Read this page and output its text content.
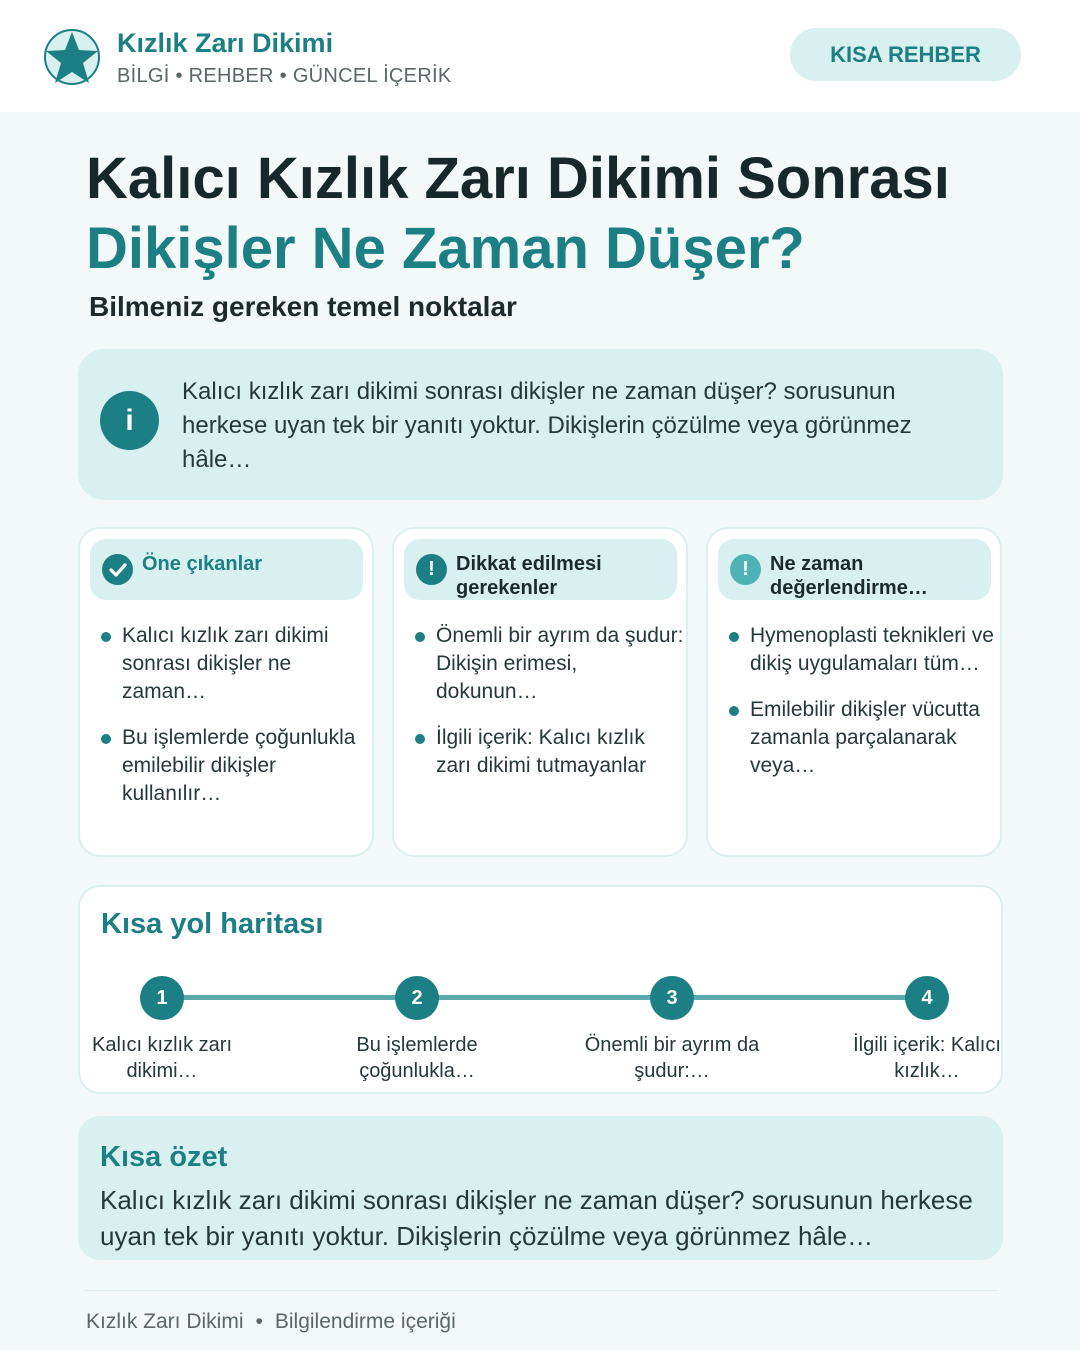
Kızlık Zarı Dikimi
BİLGİ • REHBER • GÜNCEL İÇERİK
KISA REHBER
Kalıcı Kızlık Zarı Dikimi Sonrası
Dikişler Ne Zaman Düşer?
Bilmeniz gereken temel noktalar
i
Kalıcı kızlık zarı dikimi sonrası dikişler ne zaman düşer? sorusunun herkese uyan tek bir yanıtı yoktur. Dikişlerin çözülme veya görünmez hâle…
Öne çıkanlar
Kalıcı kızlık zarı dikimi sonrası dikişler ne zaman…
Bu işlemlerde çoğunlukla emilebilir dikişler kullanılır…
!	Dikkat edilmesi gerekenler
Önemli bir ayrım da şudur: Dikişin erimesi, dokunun…
İlgili içerik: Kalıcı kızlık zarı dikimi tutmayanlar
!	Ne zaman değerlendirme…
Hymenoplasti teknikleri ve dikiş uygulamaları tüm…
Emilebilir dikişler vücutta zamanla parçalanarak veya…
Kısa yol haritası
1	2	3	4
Kalıcı kızlık zarı dikimi…
Bu işlemlerde çoğunlukla…
Önemli bir ayrım da şudur:…
İlgili içerik: Kalıcı kızlık…
Kısa özet
Kalıcı kızlık zarı dikimi sonrası dikişler ne zaman düşer? sorusunun herkese uyan tek bir yanıtı yoktur. Dikişlerin çözülme veya görünmez hâle…
Kızlık Zarı Dikimi • Bilgilendirme içeriği
